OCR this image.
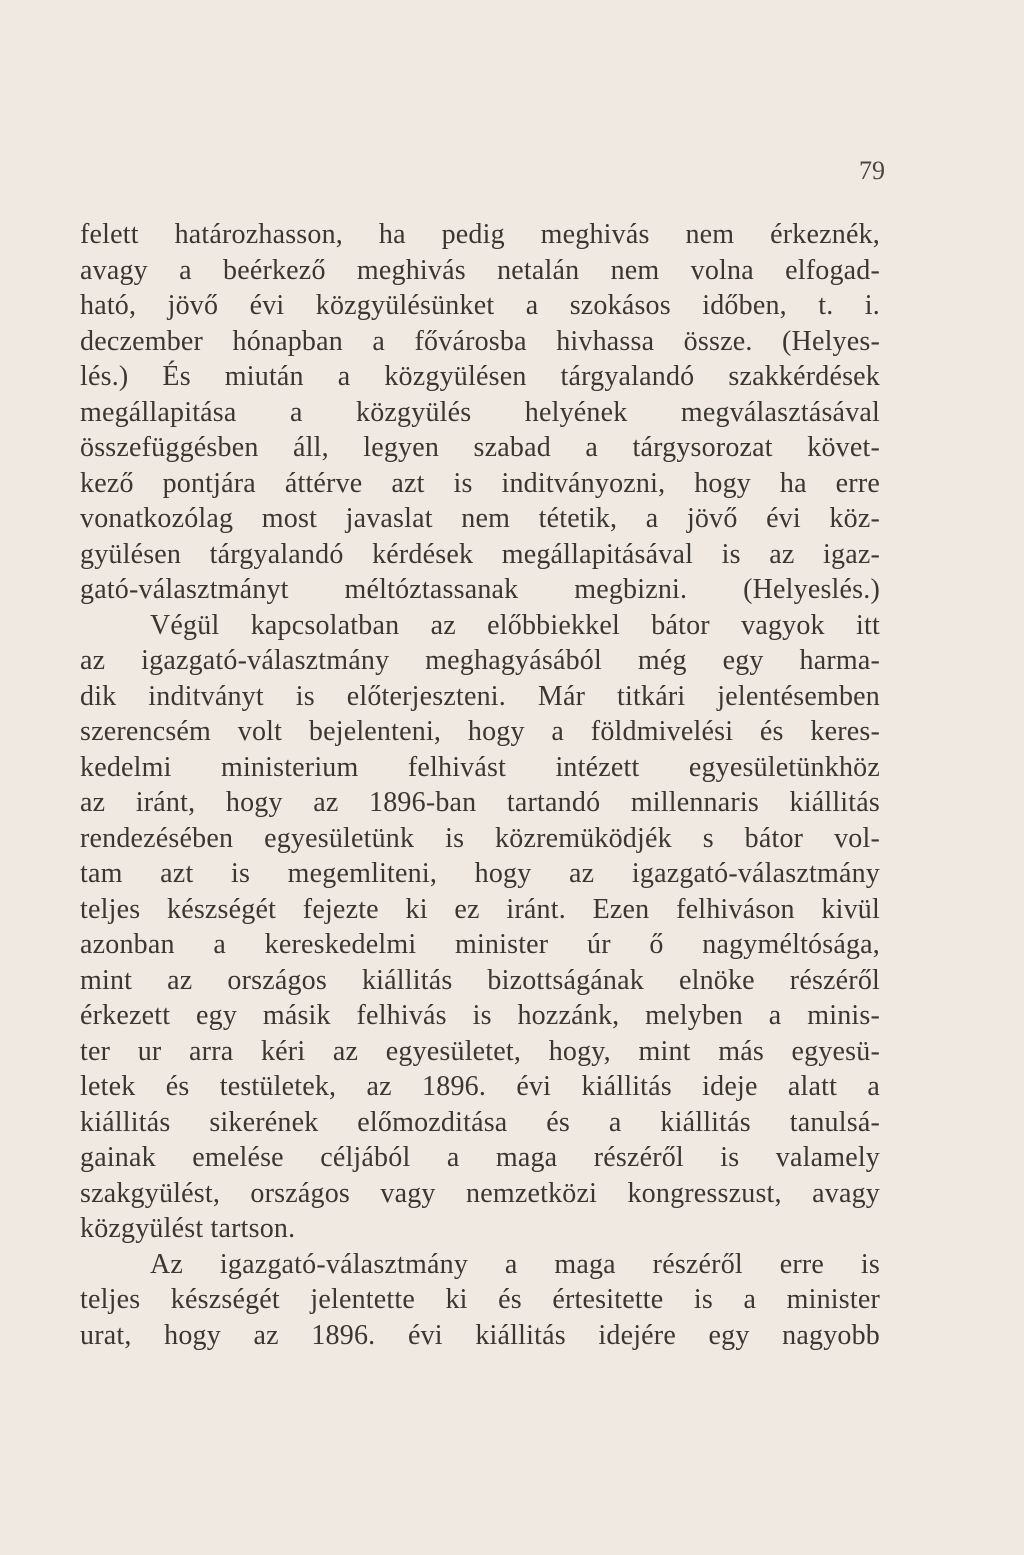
79
felett határozhasson, ha pedig meghivás nem érkeznék,
avagy a beérkező meghivás netalán nem volna elfogad-
ható, jövő évi közgyülésünket a szokásos időben, t. i.
deczember hónapban a fővárosba hivhassa össze. (Helyes-
lés.) És miután a közgyülésen tárgyalandó szakkérdések
megállapitása a közgyülés helyének megválasztásával
összefüggésben áll, legyen szabad a tárgysorozat követ-
kező pontjára áttérve azt is inditványozni, hogy ha erre
vonatkozólag most javaslat nem tétetik, a jövő évi köz-
gyülésen tárgyalandó kérdések megállapitásával is az igaz-
gató-választmányt méltóztassanak megbizni. (Helyeslés.)
Végül kapcsolatban az előbbiekkel bátor vagyok itt
az igazgató-választmány meghagyásából még egy harma-
dik inditványt is előterjeszteni. Már titkári jelentésemben
szerencsém volt bejelenteni, hogy a földmivelési és keres-
kedelmi ministerium felhivást intézett egyesületünkhöz
az iránt, hogy az 1896-ban tartandó millennaris kiállitás
rendezésében egyesületünk is közremüködjék s bátor vol-
tam azt is megemliteni, hogy az igazgató-választmány
teljes készségét fejezte ki ez iránt. Ezen felhiváson kivül
azonban a kereskedelmi minister úr ő nagyméltósága,
mint az országos kiállitás bizottságának elnöke részéről
érkezett egy másik felhivás is hozzánk, melyben a minis-
ter ur arra kéri az egyesületet, hogy, mint más egyesü-
letek és testületek, az 1896. évi kiállitás ideje alatt a
kiállitás sikerének előmozditása és a kiállitás tanulsá-
gainak emelése céljából a maga részéről is valamely
szakgyülést, országos vagy nemzetközi kongresszust, avagy
közgyülést tartson.
Az igazgató-választmány a maga részéről erre is
teljes készségét jelentette ki és értesitette is a minister
urat, hogy az 1896. évi kiállitás idejére egy nagyobb
